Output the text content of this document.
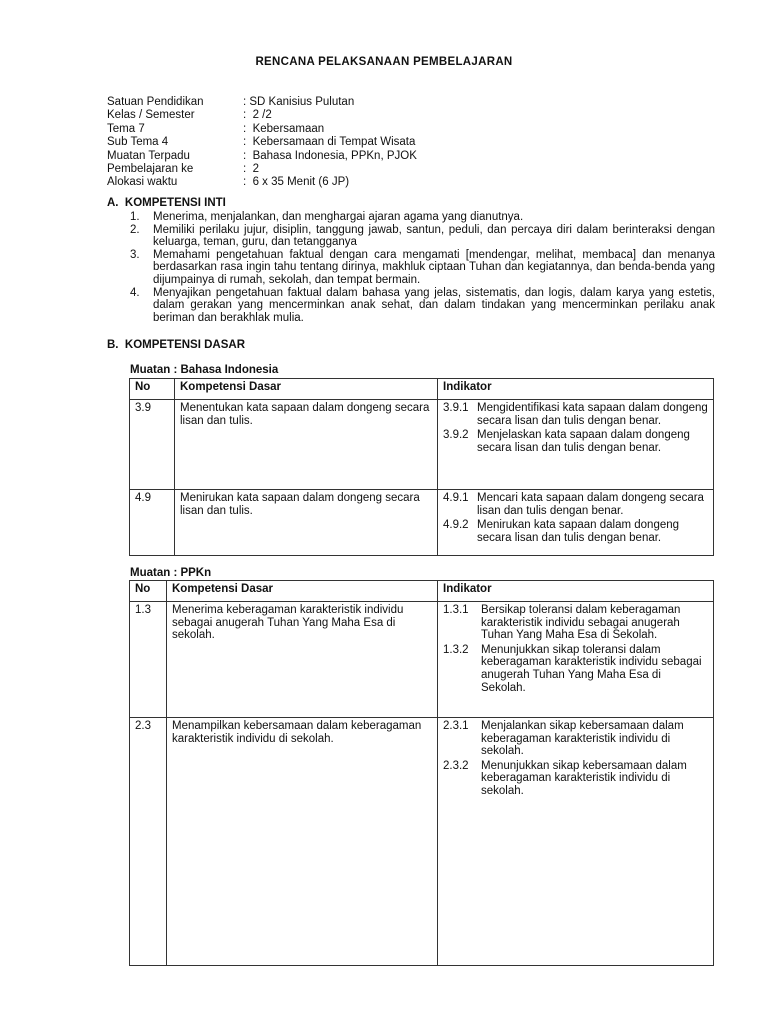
RENCANA PELAKSANAAN PEMBELAJARAN
Satuan Pendidikan	: SD Kanisius Pulutan
Kelas / Semester	:  2 /2
Tema 7	:  Kebersamaan
Sub Tema 4	:  Kebersamaan di Tempat Wisata
Muatan Terpadu	:  Bahasa Indonesia, PPKn, PJOK
Pembelajaran ke	:  2
Alokasi waktu	:  6 x 35 Menit (6 JP)
A.  KOMPETENSI INTI
1.	Menerima, menjalankan, dan menghargai ajaran agama yang dianutnya.
2.	Memiliki perilaku jujur, disiplin, tanggung jawab, santun, peduli, dan percaya diri dalam berinteraksi dengan keluarga, teman, guru, dan tetangganya
3.	Memahami pengetahuan faktual dengan cara mengamati [mendengar, melihat, membaca] dan menanya berdasarkan rasa ingin tahu tentang dirinya, makhluk ciptaan Tuhan dan kegiatannya, dan benda-benda yang dijumpainya di rumah, sekolah, dan tempat bermain.
4.	Menyajikan pengetahuan faktual dalam bahasa yang jelas, sistematis, dan logis, dalam karya yang estetis, dalam gerakan yang mencerminkan anak sehat, dan dalam tindakan yang mencerminkan perilaku anak beriman dan berakhlak mulia.
B.  KOMPETENSI DASAR
Muatan : Bahasa Indonesia
No	Kompetensi Dasar	Indikator
3.9	Menentukan kata sapaan dalam dongeng secara lisan dan tulis.	3.9.1 Mengidentifikasi kata sapaan dalam dongeng secara lisan dan tulis dengan benar.
3.9.2 Menjelaskan kata sapaan dalam dongeng secara lisan dan tulis dengan benar.

4.9	Menirukan kata sapaan dalam dongeng secara lisan dan tulis.	4.9.1 Mencari kata sapaan dalam dongeng secara lisan dan tulis dengan benar.
4.9.2 Menirukan kata sapaan dalam dongeng secara lisan dan tulis dengan benar.
Muatan : PPKn
No	Kompetensi Dasar	Indikator
1.3	Menerima keberagaman karakteristik individu sebagai anugerah Tuhan Yang Maha Esa di sekolah.	1.3.1 Bersikap toleransi dalam keberagaman karakteristik individu sebagai anugerah Tuhan Yang Maha Esa di Sekolah.
1.3.2 Menunjukkan sikap toleransi dalam keberagaman karakteristik individu sebagai anugerah Tuhan Yang Maha Esa di Sekolah.

2.3	Menampilkan kebersamaan dalam keberagaman karakteristik individu di sekolah.	2.3.1 Menjalankan sikap kebersamaan dalam keberagaman karakteristik individu di sekolah.
2.3.2 Menunjukkan sikap kebersamaan dalam keberagaman karakteristik individu di sekolah.
